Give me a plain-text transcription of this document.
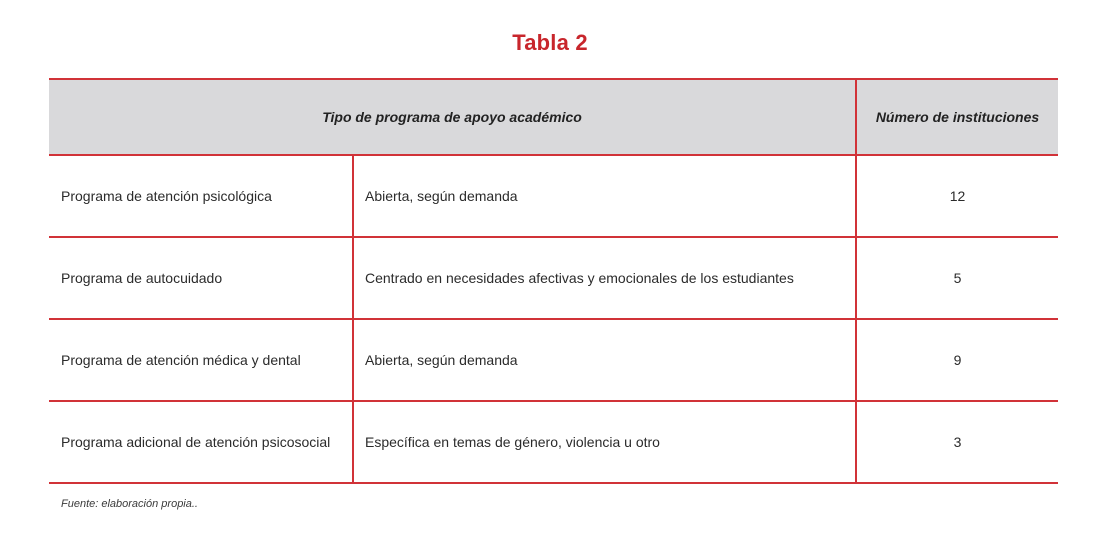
Tabla 2
Tipo de programa de apoyo académico		Número de instituciones
Programa de atención psicológica	Abierta, según demanda	12
Programa de autocuidado	Centrado en necesidades afectivas y emocionales de los estudiantes	5
Programa de atención médica y dental	Abierta, según demanda	9
Programa adicional de atención psicosocial	Específica en temas de género, violencia u otro	3
Fuente: elaboración propia..
